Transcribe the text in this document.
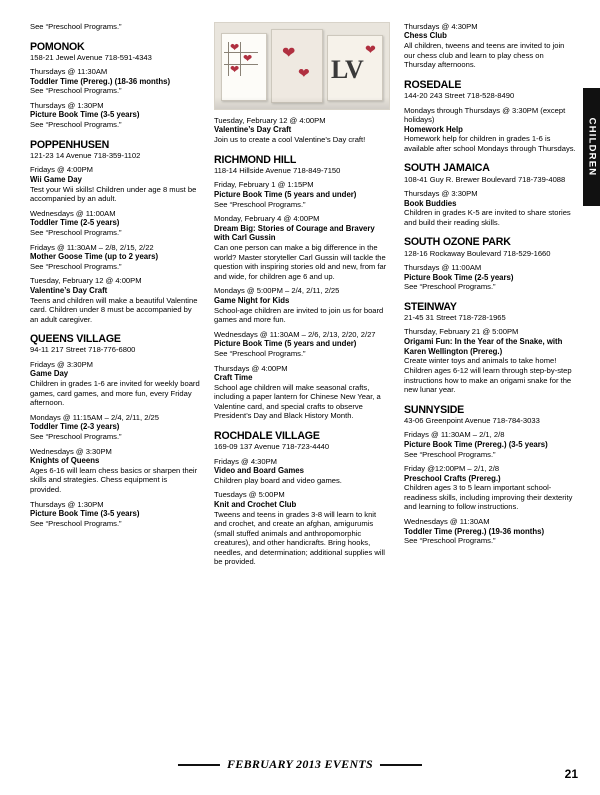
See “Preschool Programs.”
POMONOK
158-21 Jewel Avenue 718-591-4343
Thursdays @ 11:30AM
Toddler Time (Prereg.) (18-36 months)
See “Preschool Programs.”
Thursdays @ 1:30PM
Picture Book Time (3-5 years)
See “Preschool Programs.”
POPPENHUSEN
121-23 14 Avenue 718-359-1102
Fridays @ 4:00PM
Wii Game Day
Test your Wii skills! Children under age 8 must be accompanied by an adult.
Wednesdays @ 11:00AM
Toddler Time (2-5 years)
See “Preschool Programs.”
Fridays @ 11:30AM – 2/8, 2/15, 2/22
Mother Goose Time (up to 2 years)
See “Preschool Programs.”
Tuesday, February 12 @ 4:00PM
Valentine’s Day Craft
Teens and children will make a beautiful Valentine card. Children under 8 must be accompanied by an adult caregiver.
QUEENS VILLAGE
94-11 217 Street 718-776-6800
Fridays @ 3:30PM
Game Day
Children in grades 1-6 are invited for weekly board games, card games, and more fun, every Friday afternoon.
Mondays @ 11:15AM – 2/4, 2/11, 2/25
Toddler Time (2-3 years)
See “Preschool Programs.”
Wednesdays @ 3:30PM
Knights of Queens
Ages 6-16 will learn chess basics or sharpen their skills and strategies. Chess equipment is provided.
Thursdays @ 1:30PM
Picture Book Time (3-5 years)
See “Preschool Programs.”
❤
❤
❤
❤
❤ LV
❤
Tuesday, February 12 @ 4:00PM
Valentine’s Day Craft
Join us to create a cool Valentine’s Day craft!
RICHMOND HILL
118-14 Hillside Avenue 718-849-7150
Friday, February 1 @ 1:15PM
Picture Book Time (5 years and under)
See “Preschool Programs.”
Monday, February 4 @ 4:00PM
Dream Big: Stories of Courage and Bravery with Carl Gussin
Can one person can make a big difference in the world? Master storyteller Carl Gussin will tackle the question with inspiring stories old and new, from far and wide, for children age 6 and up.
Mondays @ 5:00PM – 2/4, 2/11, 2/25
Game Night for Kids
School-age children are invited to join us for board games and more fun.
Wednesdays @ 11:30AM – 2/6, 2/13, 2/20, 2/27
Picture Book Time (5 years and under)
See “Preschool Programs.”
Thursdays @ 4:00PM
Craft Time
School age children will make seasonal crafts, including a paper lantern for Chinese New Year, a Valentine card, and special crafts to observe President’s Day and Black History Month.
ROCHDALE VILLAGE
169-09 137 Avenue 718-723-4440
Fridays @ 4:30PM
Video and Board Games
Children play board and video games.
Tuesdays @ 5:00PM
Knit and Crochet Club
Tweens and teens in grades 3-8 will learn to knit and crochet, and create an afghan, amigurumis (small stuffed animals and anthropomorphic creatures), and other handicrafts. Bring hooks, needles, and determination; additional supplies will be provided.
Thursdays @ 4:30PM
Chess Club
All children, tweens and teens are invited to join our chess club and learn to play chess on Thursday afternoons.
ROSEDALE
144-20 243 Street 718-528-8490
Mondays through Thursdays @ 3:30PM (except holidays)
Homework Help
Homework help for children in grades 1-6 is available after school Mondays through Thursdays.
SOUTH JAMAICA
108-41 Guy R. Brewer Boulevard 718-739-4088
Thursdays @ 3:30PM
Book Buddies
Children in grades K-5 are invited to share stories and build their reading skills.
SOUTH OZONE PARK
128-16 Rockaway Boulevard 718-529-1660
Thursdays @ 11:00AM
Picture Book Time (2-5 years)
See “Preschool Programs.”
STEINWAY
21-45 31 Street 718-728-1965
Thursday, February 21 @ 5:00PM
Origami Fun: In the Year of the Snake, with Karen Wellington (Prereg.)
Create winter toys and animals to take home! Children ages 6-12 will learn through step-by-step instructions how to make an origami snake for the new lunar year.
SUNNYSIDE
43-06 Greenpoint Avenue 718-784-3033
Fridays @ 11:30AM – 2/1, 2/8
Picture Book Time (Prereg.) (3-5 years)
See “Preschool Programs.”
Friday @12:00PM – 2/1, 2/8
Preschool Crafts (Prereg.)
Children ages 3 to 5 learn important school-readiness skills, including improving their dexterity and learning to follow instructions.
Wednesdays @ 11:30AM
Toddler Time (Prereg.) (19-36 months)
See “Preschool Programs.”
CHILDREN
FEBRUARY 2013 EVENTS
21
